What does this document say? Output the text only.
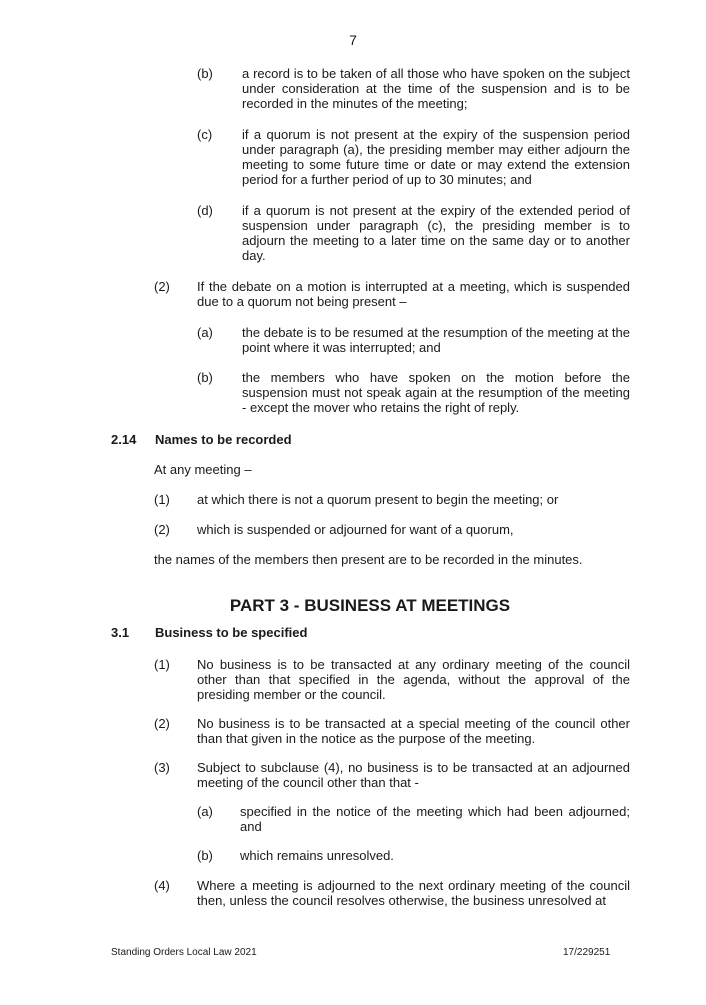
7
(b) a record is to be taken of all those who have spoken on the subject under consideration at the time of the suspension and is to be recorded in the minutes of the meeting;
(c) if a quorum is not present at the expiry of the suspension period under paragraph (a), the presiding member may either adjourn the meeting to some future time or date or may extend the extension period for a further period of up to 30 minutes; and
(d) if a quorum is not present at the expiry of the extended period of suspension under paragraph (c), the presiding member is to adjourn the meeting to a later time on the same day or to another day.
(2) If the debate on a motion is interrupted at a meeting, which is suspended due to a quorum not being present –
(a) the debate is to be resumed at the resumption of the meeting at the point where it was interrupted; and
(b) the members who have spoken on the motion before the suspension must not speak again at the resumption of the meeting - except the mover who retains the right of reply.
2.14 Names to be recorded
At any meeting –
(1) at which there is not a quorum present to begin the meeting; or
(2) which is suspended or adjourned for want of a quorum,
the names of the members then present are to be recorded in the minutes.
PART 3 - BUSINESS AT MEETINGS
3.1 Business to be specified
(1) No business is to be transacted at any ordinary meeting of the council other than that specified in the agenda, without the approval of the presiding member or the council.
(2) No business is to be transacted at a special meeting of the council other than that given in the notice as the purpose of the meeting.
(3) Subject to subclause (4), no business is to be transacted at an adjourned meeting of the council other than that -
(a) specified in the notice of the meeting which had been adjourned; and
(b) which remains unresolved.
(4) Where a meeting is adjourned to the next ordinary meeting of the council then, unless the council resolves otherwise, the business unresolved at
Standing Orders Local Law 2021	17/229251
